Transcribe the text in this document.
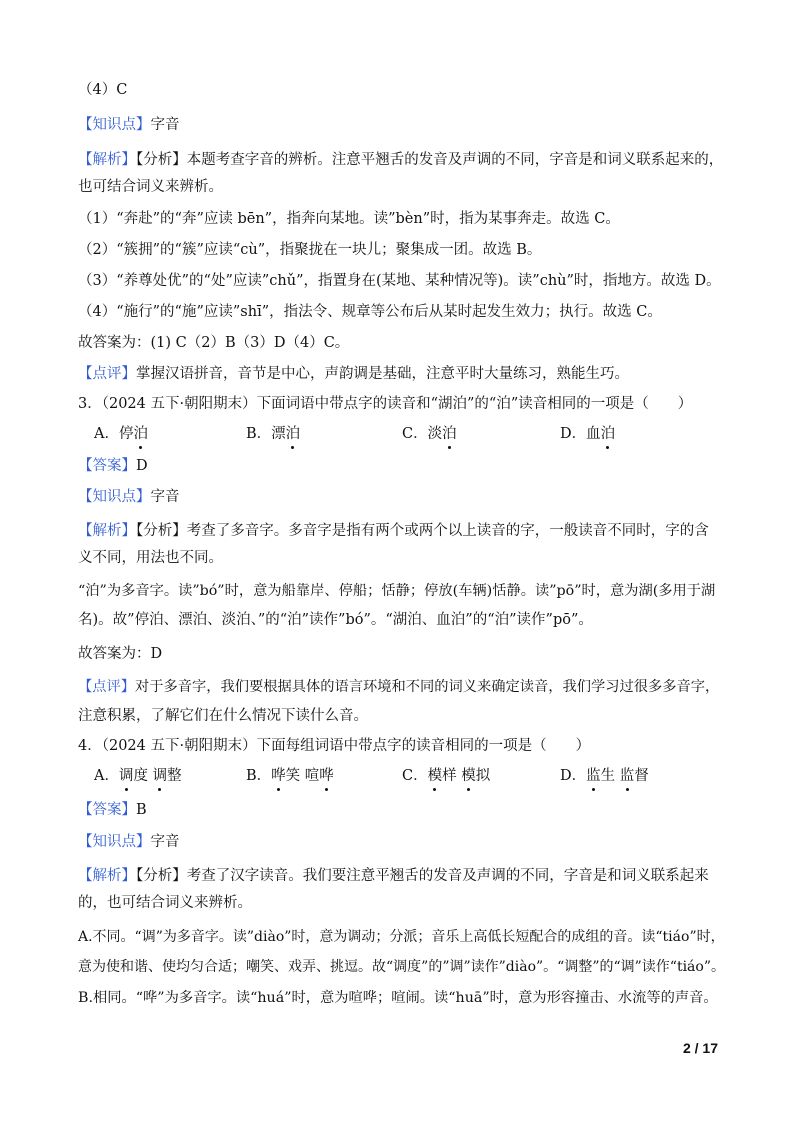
（4）C
【知识点】字音
【解析】【分析】本题考查字音的辨析。注意平翘舌的发音及声调的不同，字音是和词义联系起来的，
也可结合词义来辨析。
（1）“奔赴”的“奔”应读 bēn”，指奔向某地。读”bèn”时，指为某事奔走。故选 C。
（2）“簇拥”的“簇”应读“cù”，指聚拢在一块儿；聚集成一团。故选 B。
（3）“养尊处优”的“处”应读”chǔ”，指置身在(某地、某种情况等)。读”chù”时，指地方。故选 D。
（4）“施行”的“施”应读”shī”，指法令、规章等公布后从某时起发生效力；执行。故选 C。
故答案为：(1) C（2）B（3）D（4）C。
【点评】掌握汉语拼音，音节是中心，声韵调是基础，注意平时大量练习，熟能生巧。
3．（2024 五下·朝阳期末）下面词语中带点字的读音和“湖泊”的“泊”读音相同的一项是（　　）
A．停泊	B．漂泊	C．淡泊	D．血泊
【答案】D
【知识点】字音
【解析】【分析】考查了多音字。多音字是指有两个或两个以上读音的字，一般读音不同时，字的含
义不同，用法也不同。
“泊”为多音字。读”bó”时，意为船靠岸、停船；恬静；停放(车辆)恬静。读”pō”时，意为湖(多用于湖
名)。故”停泊、漂泊、淡泊、”的“泊”读作”bó”。“湖泊、血泊”的“泊”读作”pō”。
故答案为：D
【点评】对于多音字，我们要根据具体的语言环境和不同的词义来确定读音，我们学习过很多多音字，
注意积累，了解它们在什么情况下读什么音。
4．（2024 五下·朝阳期末）下面每组词语中带点字的读音相同的一项是（　　）
A．调度 调整	B．哗笑 喧哗	C．模样 模拟	D．监生 监督
【答案】B
【知识点】字音
【解析】【分析】考查了汉字读音。我们要注意平翘舌的发音及声调的不同，字音是和词义联系起来
的，也可结合词义来辨析。
A.不同。“调”为多音字。读”diào”时，意为调动；分派；音乐上高低长短配合的成组的音。读“tiáo”时，
意为使和谐、使均匀合适；嘲笑、戏弄、挑逗。故“调度”的”调”读作”diào”。“调整”的“调”读作“tiáo”。
B.相同。“哗”为多音字。读“huá”时，意为喧哗；喧闹。读“huā”时，意为形容撞击、水流等的声音。
2 / 17
